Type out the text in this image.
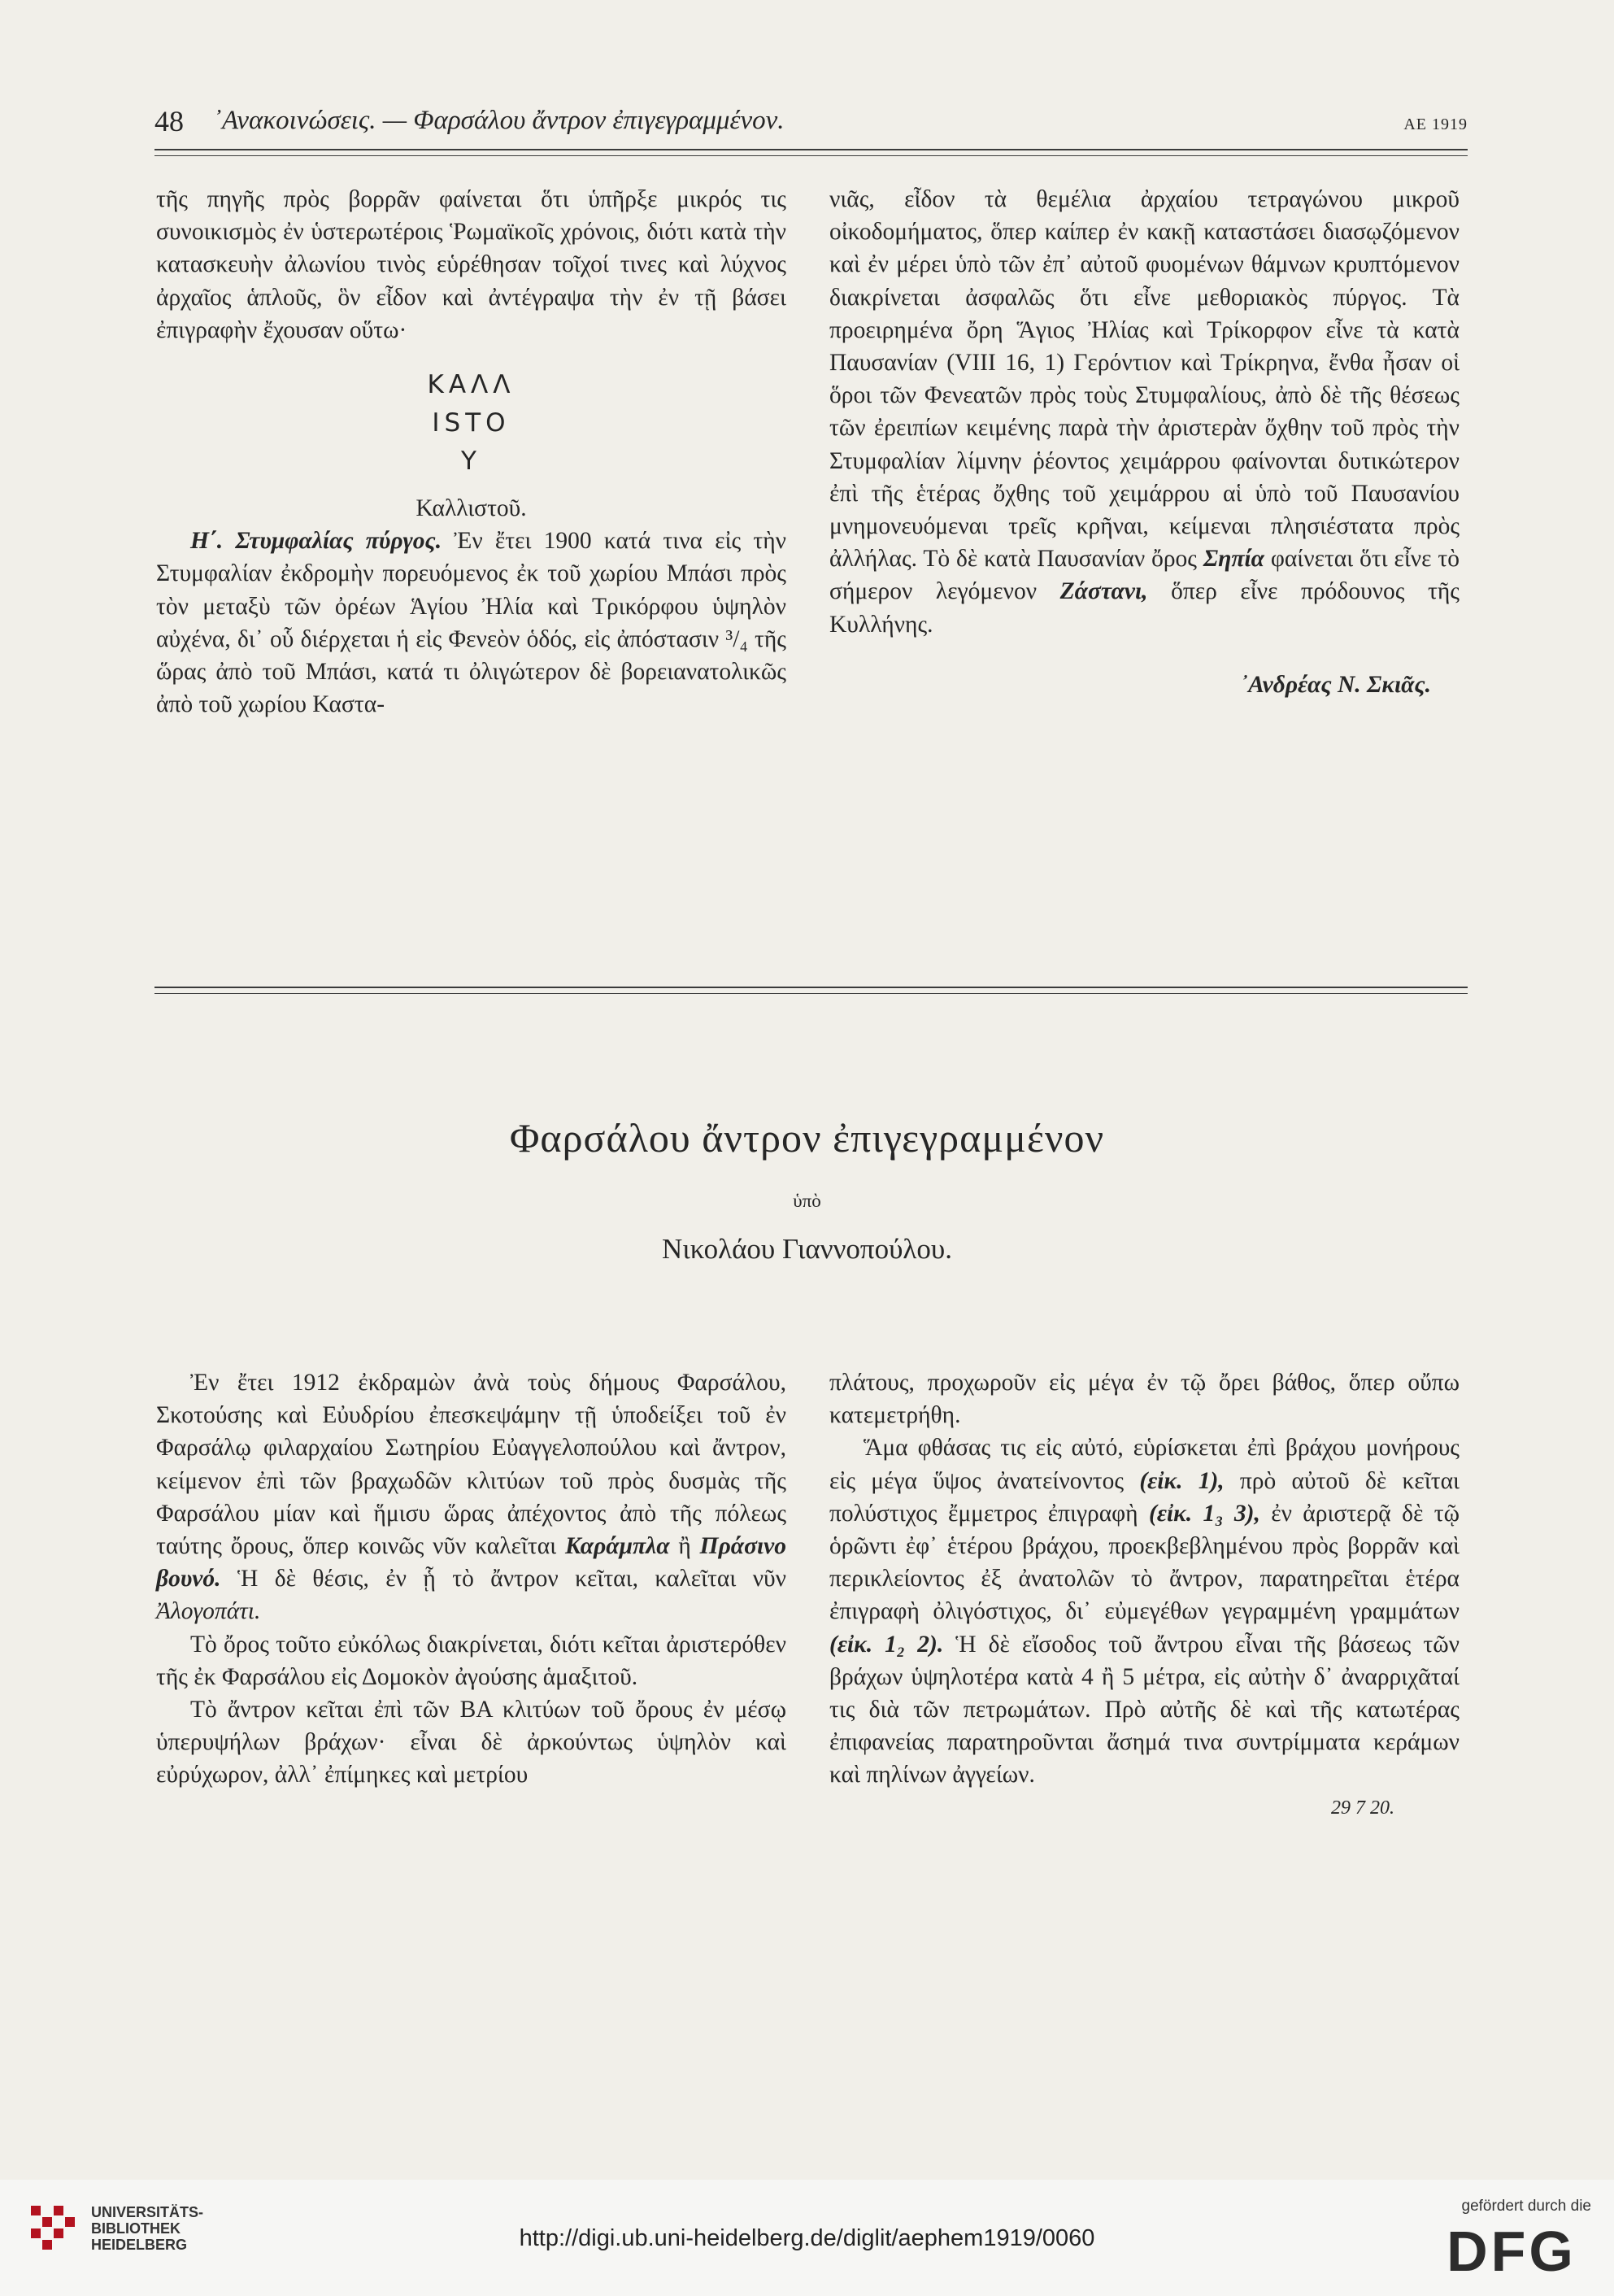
48 ᾿Ανακοινώσεις. — Φαρσάλου ἄντρον ἐπιγεγραμμένον.	ΑΕ 1919

τῆς πηγῆς πρὸς βορρᾶν φαίνεται ὅτι ὑπῆρξε μικρός τις συνοικισμὸς ἐν ὑστερωτέροις Ῥωμαϊκοῖς χρόνοις, διότι κατὰ τὴν κατασκευὴν ἀλωνίου τινὸς εὑρέθησαν τοῖχοί τινες καὶ λύχνος ἀρχαῖος ἁπλοῦς, ὃν εἶδον καὶ ἀντέγραψα τὴν ἐν τῇ βάσει ἐπιγραφὴν ἔχουσαν οὕτω·

ΚΑΛΛ
ΙSTΟ
Υ

Καλλιστοῦ.

Η΄. Στυμφαλίας πύργος. Ἐν ἔτει 1900 κατά τινα εἰς τὴν Στυμφαλίαν ἐκδρομὴν πορευόμενος ἐκ τοῦ χωρίου Μπάσι πρὸς τὸν μεταξὺ τῶν ὀρέων Ἁγίου Ἠλία καὶ Τρικόρφου ὑψηλὸν αὐχένα, δι᾿ οὗ διέρχεται ἡ εἰς Φενεὸν ὁδός, εἰς ἀπόστασιν ³/₄ τῆς ὥρας ἀπὸ τοῦ Μπάσι, κατά τι ὀλιγώτερον δὲ βορειανατολικῶς ἀπὸ τοῦ χωρίου Καστα-

νιᾶς, εἶδον τὰ θεμέλια ἀρχαίου τετραγώνου μικροῦ οἰκοδομήματος, ὅπερ καίπερ ἐν κακῇ καταστάσει διασῳζόμενον καὶ ἐν μέρει ὑπὸ τῶν ἐπ᾿ αὐτοῦ φυομένων θάμνων κρυπτόμενον διακρίνεται ἀσφαλῶς ὅτι εἶνε μεθοριακὸς πύργος. Τὰ προειρημένα ὄρη Ἅγιος Ἠλίας καὶ Τρίκορφον εἶνε τὰ κατὰ Παυσανίαν (VIII 16, 1) Γερόντιον καὶ Τρίκρηνα, ἔνθα ἦσαν οἱ ὅροι τῶν Φενεατῶν πρὸς τοὺς Στυμφαλίους, ἀπὸ δὲ τῆς θέσεως τῶν ἐρειπίων κειμένης παρὰ τὴν ἀριστερὰν ὄχθην τοῦ πρὸς τὴν Στυμφαλίαν λίμνην ῥέοντος χειμάρρου φαίνονται δυτικώτερον ἐπὶ τῆς ἑτέρας ὄχθης τοῦ χειμάρρου αἱ ὑπὸ τοῦ Παυσανίου μνημονευόμεναι τρεῖς κρῆναι, κείμεναι πλησιέστατα πρὸς ἀλλήλας. Τὸ δὲ κατὰ Παυσανίαν ὄρος Σηπία φαίνεται ὅτι εἶνε τὸ σήμερον λεγόμενον Ζάστανι, ὅπερ εἶνε πρόδουνος τῆς Κυλλήνης.

᾿Ανδρέας Ν. Σκιᾶς.

Φαρσάλου ἄντρον ἐπιγεγραμμένον
ὑπὸ
Νικολάου Γιαννοπούλου.

Ἐν ἔτει 1912 ἐκδραμὼν ἀνὰ τοὺς δήμους Φαρσάλου, Σκοτούσης καὶ Εὐυδρίου ἐπεσκεψάμην τῇ ὑποδείξει τοῦ ἐν Φαρσάλῳ φιλαρχαίου Σωτηρίου Εὐαγγελοπούλου καὶ ἄντρον, κείμενον ἐπὶ τῶν βραχωδῶν κλιτύων τοῦ πρὸς δυσμὰς τῆς Φαρσάλου μίαν καὶ ἥμισυ ὥρας ἀπέχοντος ἀπὸ τῆς πόλεως ταύτης ὄρους, ὅπερ κοινῶς νῦν καλεῖται Καράμπλα ἢ Πράσινο βουνό. Ἡ δὲ θέσις, ἐν ᾗ τὸ ἄντρον κεῖται, καλεῖται νῦν Ἀλογοπάτι.

Τὸ ὄρος τοῦτο εὐκόλως διακρίνεται, διότι κεῖται ἀριστερόθεν τῆς ἐκ Φαρσάλου εἰς Δομοκὸν ἀγούσης ἁμαξιτοῦ.

Τὸ ἄντρον κεῖται ἐπὶ τῶν ΒΑ κλιτύων τοῦ ὄρους ἐν μέσῳ ὑπερυψήλων βράχων· εἶναι δὲ ἀρκούντως ὑψηλὸν καὶ εὐρύχωρον, ἀλλ᾿ ἐπίμηκες καὶ μετρίου

πλάτους, προχωροῦν εἰς μέγα ἐν τῷ ὄρει βάθος, ὅπερ οὔπω κατεμετρήθη.

Ἅμα φθάσας τις εἰς αὐτό, εὑρίσκεται ἐπὶ βράχου μονήρους εἰς μέγα ὕψος ἀνατείνοντος (εἰκ. 1), πρὸ αὐτοῦ δὲ κεῖται πολύστιχος ἔμμετρος ἐπιγραφὴ (εἰκ. 1₃ 3), ἐν ἀριστερᾷ δὲ τῷ ὁρῶντι ἐφ᾿ ἑτέρου βράχου, προεκβεβλημένου πρὸς βορρᾶν καὶ περικλείοντος ἐξ ἀνατολῶν τὸ ἄντρον, παρατηρεῖται ἑτέρα ἐπιγραφὴ ὀλιγόστιχος, δι᾿ εὐμεγέθων γεγραμμένη γραμμάτων (εἰκ. 1₂ 2). Ἡ δὲ εἴσοδος τοῦ ἄντρου εἶναι τῆς βάσεως τῶν βράχων ὑψηλοτέρα κατὰ 4 ἢ 5 μέτρα, εἰς αὐτὴν δ᾿ ἀναρριχᾶταί τις διὰ τῶν πετρωμάτων. Πρὸ αὐτῆς δὲ καὶ τῆς κατωτέρας ἐπιφανείας παρατηροῦνται ἄσημά τινα συντρίμματα κεράμων καὶ πηλίνων ἀγγείων.

29 7 20.

UNIVERSITÄTS-
BIBLIOTHEK
HEIDELBERG	http://digi.ub.uni-heidelberg.de/diglit/aephem1919/0060
gefördert durch die
DFG
